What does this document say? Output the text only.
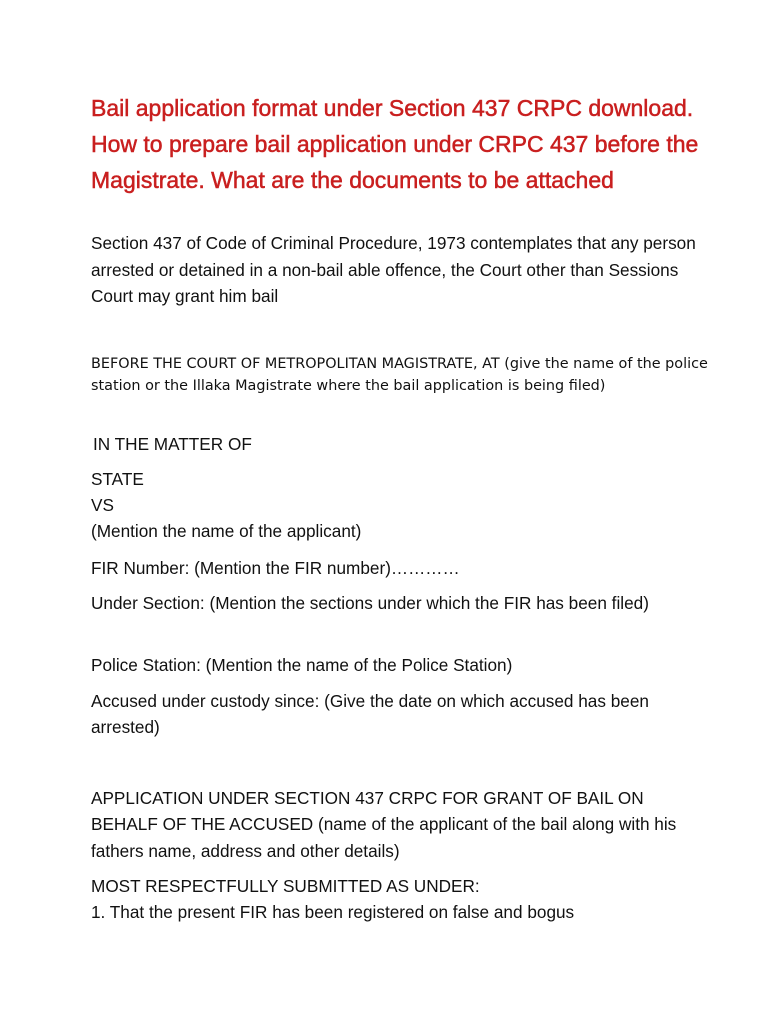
Bail application format under Section 437 CRPC download. How to prepare bail application under CRPC 437 before the Magistrate. What are the documents to be attached

Section 437 of Code of Criminal Procedure, 1973 contemplates that any person arrested or detained in a non-bail able offence, the Court other than Sessions Court may grant him bail

BEFORE THE COURT OF METROPOLITAN MAGISTRATE, AT (give the name of the police station or the Illaka Magistrate where the bail application is being filed)

IN THE MATTER OF

STATE

VS

(Mention the name of the applicant)

FIR Number: (Mention the FIR number)…………

Under Section: (Mention the sections under which the FIR has been filed)

Police Station: (Mention the name of the Police Station)

Accused under custody since: (Give the date on which accused has been arrested)

APPLICATION UNDER SECTION 437 CRPC FOR GRANT OF BAIL ON BEHALF OF THE ACCUSED (name of the applicant of the bail along with his fathers name, address and other details)

MOST RESPECTFULLY SUBMITTED AS UNDER:

1. That the present FIR has been registered on false and bogus
